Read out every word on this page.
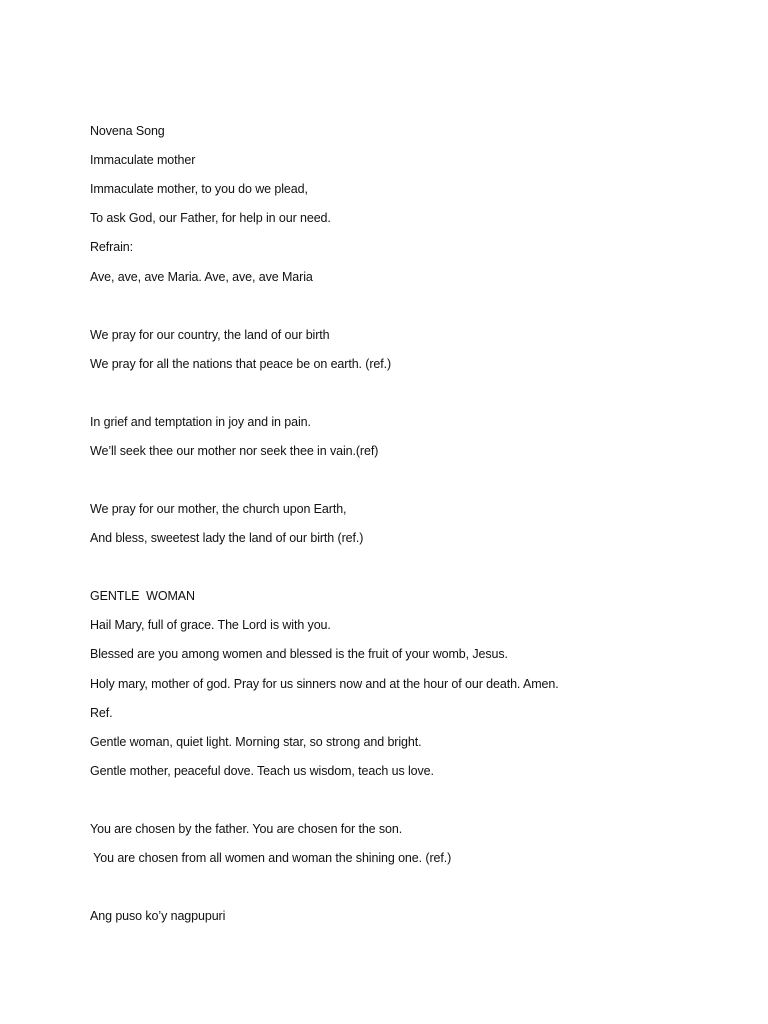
Novena Song
Immaculate mother
Immaculate mother, to you do we plead,
To ask God, our Father, for help in our need.
Refrain:
Ave, ave, ave Maria. Ave, ave, ave Maria
We pray for our country, the land of our birth
We pray for all the nations that peace be on earth. (ref.)
In grief and temptation in joy and in pain.
We’ll seek thee our mother nor seek thee in vain.(ref)
We pray for our mother, the church upon Earth,
And bless, sweetest lady the land of our birth (ref.)
GENTLE  WOMAN
Hail Mary, full of grace. The Lord is with you.
Blessed are you among women and blessed is the fruit of your womb, Jesus.
Holy mary, mother of god. Pray for us sinners now and at the hour of our death. Amen.
Ref.
Gentle woman, quiet light. Morning star, so strong and bright.
Gentle mother, peaceful dove. Teach us wisdom, teach us love.
You are chosen by the father. You are chosen for the son.
You are chosen from all women and woman the shining one. (ref.)
Ang puso ko’y nagpupuri
